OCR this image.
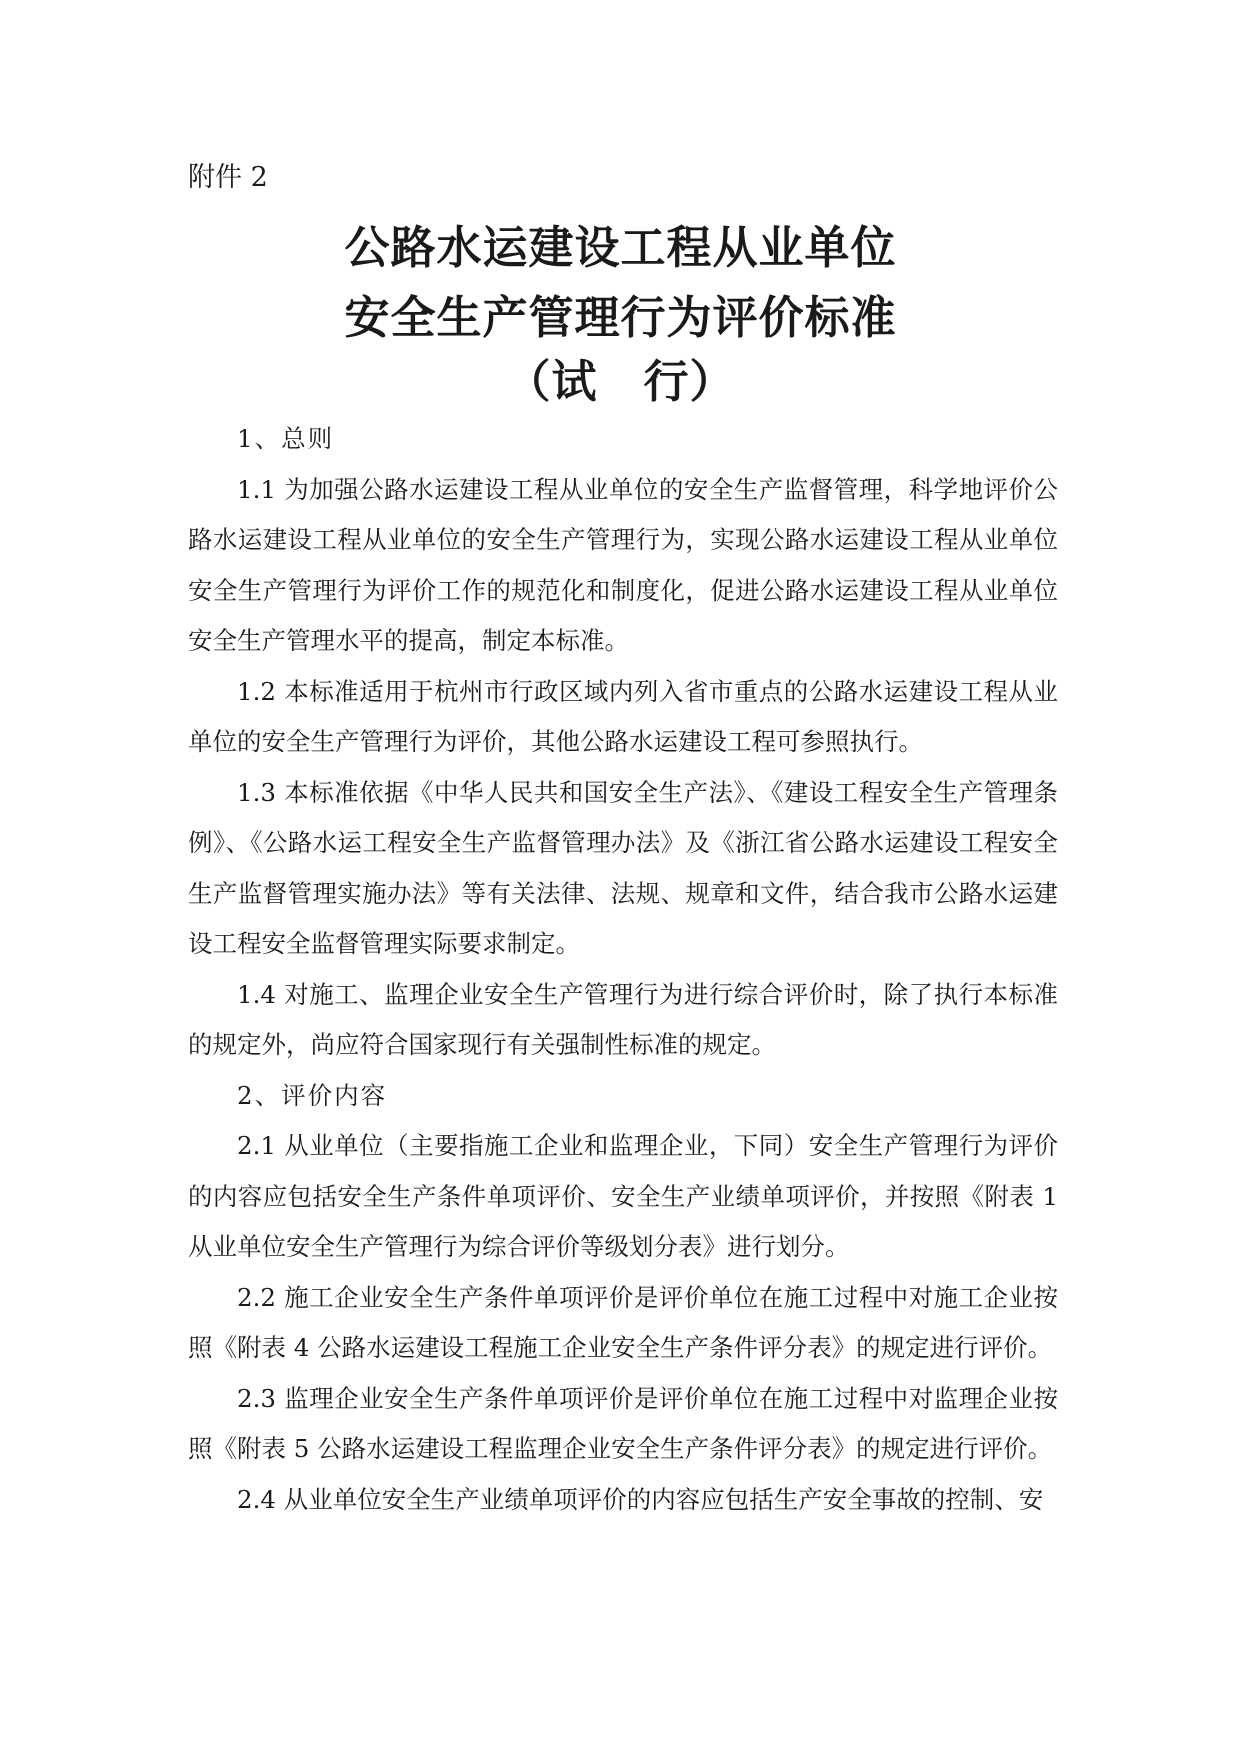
附件 2
公路水运建设工程从业单位
安全生产管理行为评价标准
（试　行）

1、总则

1.1 为加强公路水运建设工程从业单位的安全生产监督管理，科学地评价公路水运建设工程从业单位的安全生产管理行为，实现公路水运建设工程从业单位安全生产管理行为评价工作的规范化和制度化，促进公路水运建设工程从业单位安全生产管理水平的提高，制定本标准。

1.2 本标准适用于杭州市行政区域内列入省市重点的公路水运建设工程从业单位的安全生产管理行为评价，其他公路水运建设工程可参照执行。

1.3 本标准依据《中华人民共和国安全生产法》、《建设工程安全生产管理条例》、《公路水运工程安全生产监督管理办法》及《浙江省公路水运建设工程安全生产监督管理实施办法》等有关法律、法规、规章和文件，结合我市公路水运建设工程安全监督管理实际要求制定。

1.4 对施工、监理企业安全生产管理行为进行综合评价时，除了执行本标准的规定外，尚应符合国家现行有关强制性标准的规定。

2、评价内容

2.1 从业单位（主要指施工企业和监理企业，下同）安全生产管理行为评价的内容应包括安全生产条件单项评价、安全生产业绩单项评价，并按照《附表 1 从业单位安全生产管理行为综合评价等级划分表》进行划分。

2.2 施工企业安全生产条件单项评价是评价单位在施工过程中对施工企业按照《附表 4 公路水运建设工程施工企业安全生产条件评分表》的规定进行评价。

2.3 监理企业安全生产条件单项评价是评价单位在施工过程中对监理企业按照《附表 5 公路水运建设工程监理企业安全生产条件评分表》的规定进行评价。

2.4 从业单位安全生产业绩单项评价的内容应包括生产安全事故的控制、安
